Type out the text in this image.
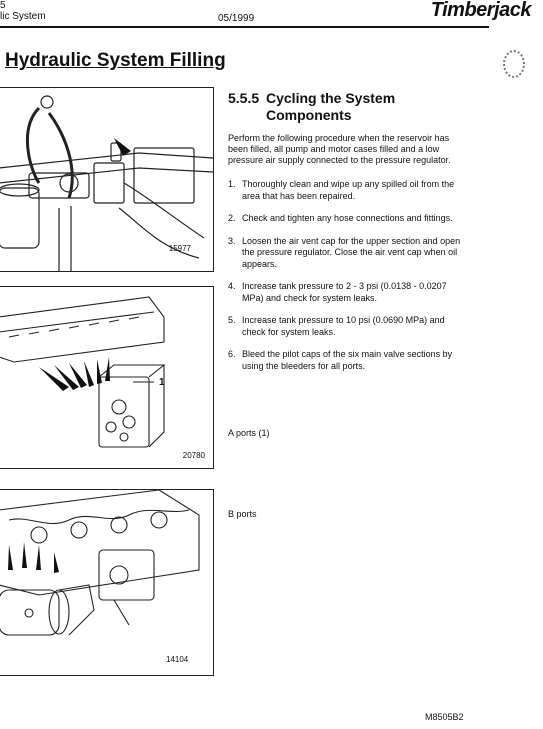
5
lic System	05/1999	Timberjack
Hydraulic System Filling
15977
1
20780
14104
5.5.5 Cycling the System
Components
Perform the following procedure when the reservoir has been filled, all pump and motor cases filled and a low pressure air supply connected to the pressure regulator.
1. Thoroughly clean and wipe up any spilled oil from the area that has been repaired.
2. Check and tighten any hose connections and fittings.
3. Loosen the air vent cap for the upper section and open the pressure regulator. Close the air vent cap when oil appears.
4. Increase tank pressure to 2 - 3 psi (0.0138 - 0.0207 MPa) and check for system leaks.
5. Increase tank pressure to 10 psi (0.0690 MPa) and check for system leaks.
6. Bleed the pilot caps of the six main valve sections by using the bleeders for all ports.
A ports (1)
B ports
M8505B2
